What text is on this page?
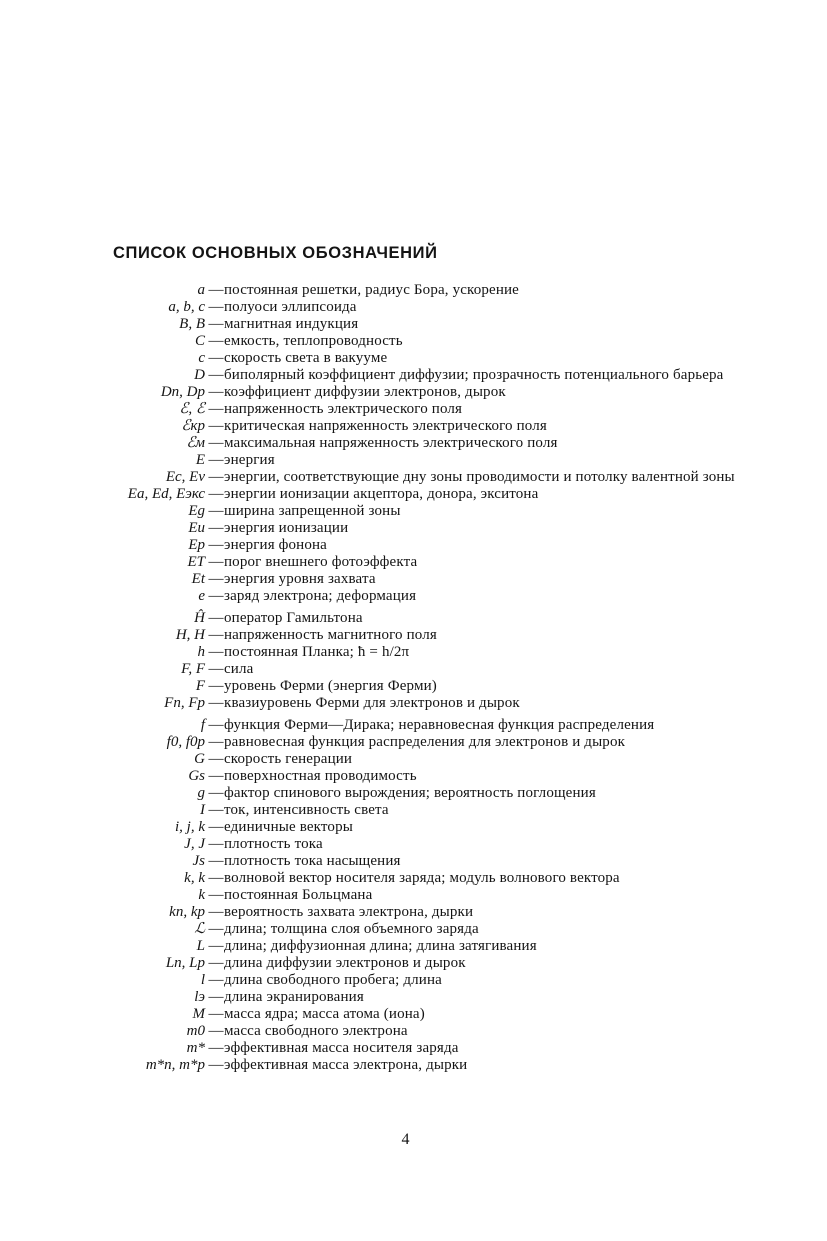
СПИСОК ОСНОВНЫХ ОБОЗНАЧЕНИЙ
a — постоянная решетки, радиус Бора, ускорение
a, b, c — полуоси эллипсоида
B, B — магнитная индукция
C — емкость, теплопроводность
c — скорость света в вакууме
D — биполярный коэффициент диффузии; прозрачность потенциального барьера
Dn, Dp — коэффициент диффузии электронов, дырок
ℰ, ℰ — напряженность электрического поля
ℰкр — критическая напряженность электрического поля
ℰм — максимальная напряженность электрического поля
E — энергия
Ec, Ev — энергии, соответствующие дну зоны проводимости и потолку валентной зоны
Ea, Ed, Eэкс — энергии ионизации акцептора, донора, экситона
Eg — ширина запрещенной зоны
Eи — энергия ионизации
Ep — энергия фонона
ET — порог внешнего фотоэффекта
Et — энергия уровня захвата
e — заряд электрона; деформация
Ĥ — оператор Гамильтона
H, H — напряженность магнитного поля
h — постоянная Планка; ħ = h/2π
F, F — сила
F — уровень Ферми (энергия Ферми)
Fn, Fp — квазиуровень Ферми для электронов и дырок
f — функция Ферми—Дирака; неравновесная функция распределения
f0, f0p — равновесная функция распределения для электронов и дырок
G — скорость генерации
Gs — поверхностная проводимость
g — фактор спинового вырождения; вероятность поглощения
I — ток, интенсивность света
i, j, k — единичные векторы
J, J — плотность тока
Js — плотность тока насыщения
k, k — волновой вектор носителя заряда; модуль волнового вектора
k — постоянная Больцмана
kn, kp — вероятность захвата электрона, дырки
ℒ — длина; толщина слоя объемного заряда
L — длина; диффузионная длина; длина затягивания
Ln, Lp — длина диффузии электронов и дырок
l — длина свободного пробега; длина
lэ — длина экранирования
M — масса ядра; масса атома (иона)
m0 — масса свободного электрона
m* — эффективная масса носителя заряда
m*n, m*p — эффективная масса электрона, дырки
4
